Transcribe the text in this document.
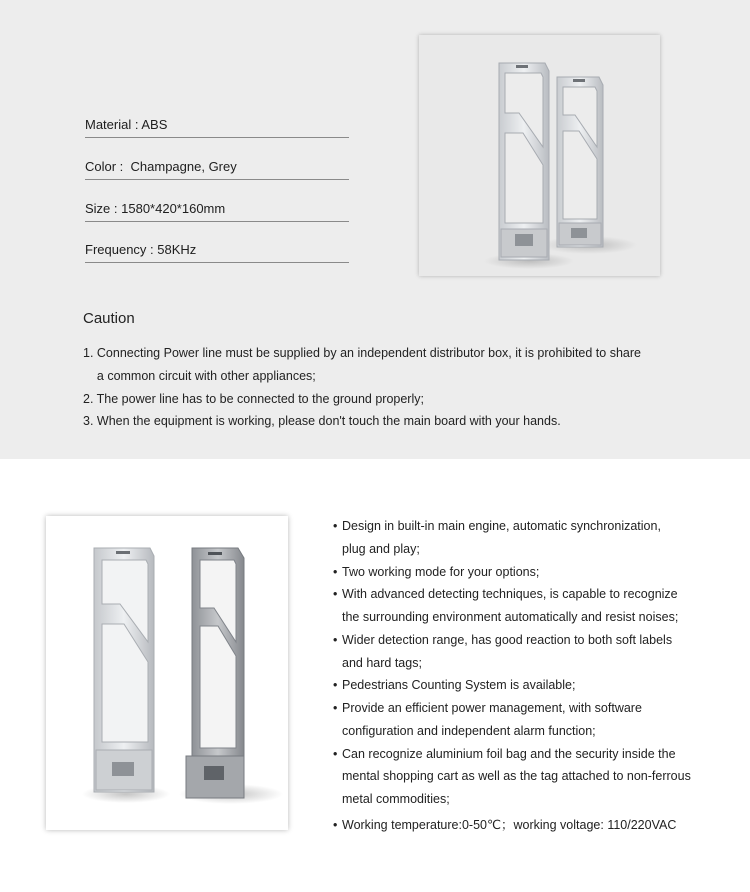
Material : ABS
Color :  Champagne, Grey
Size : 1580*420*160mm
Frequency : 58KHz
Caution
1. Connecting Power line must be supplied by an independent distributor box, it is prohibited to share
a common circuit with other appliances;
2. The power line has to be connected to the ground properly;
3. When the equipment is working, please don't touch the main board with your hands.
• Design in built-in main engine, automatic synchronization,
plug and play;
• Two working mode for your options;
• With advanced detecting techniques, is capable to recognize
the surrounding environment automatically and resist noises;
• Wider detection range, has good reaction to both soft labels
and hard tags;
• Pedestrians Counting System is available;
• Provide an efficient power management, with software
configuration and independent alarm function;
• Can recognize aluminium foil bag and the security inside the
mental shopping cart as well as the tag attached to non-ferrous
metal commodities;
• Working temperature:0-50℃；working voltage: 110/220VAC
